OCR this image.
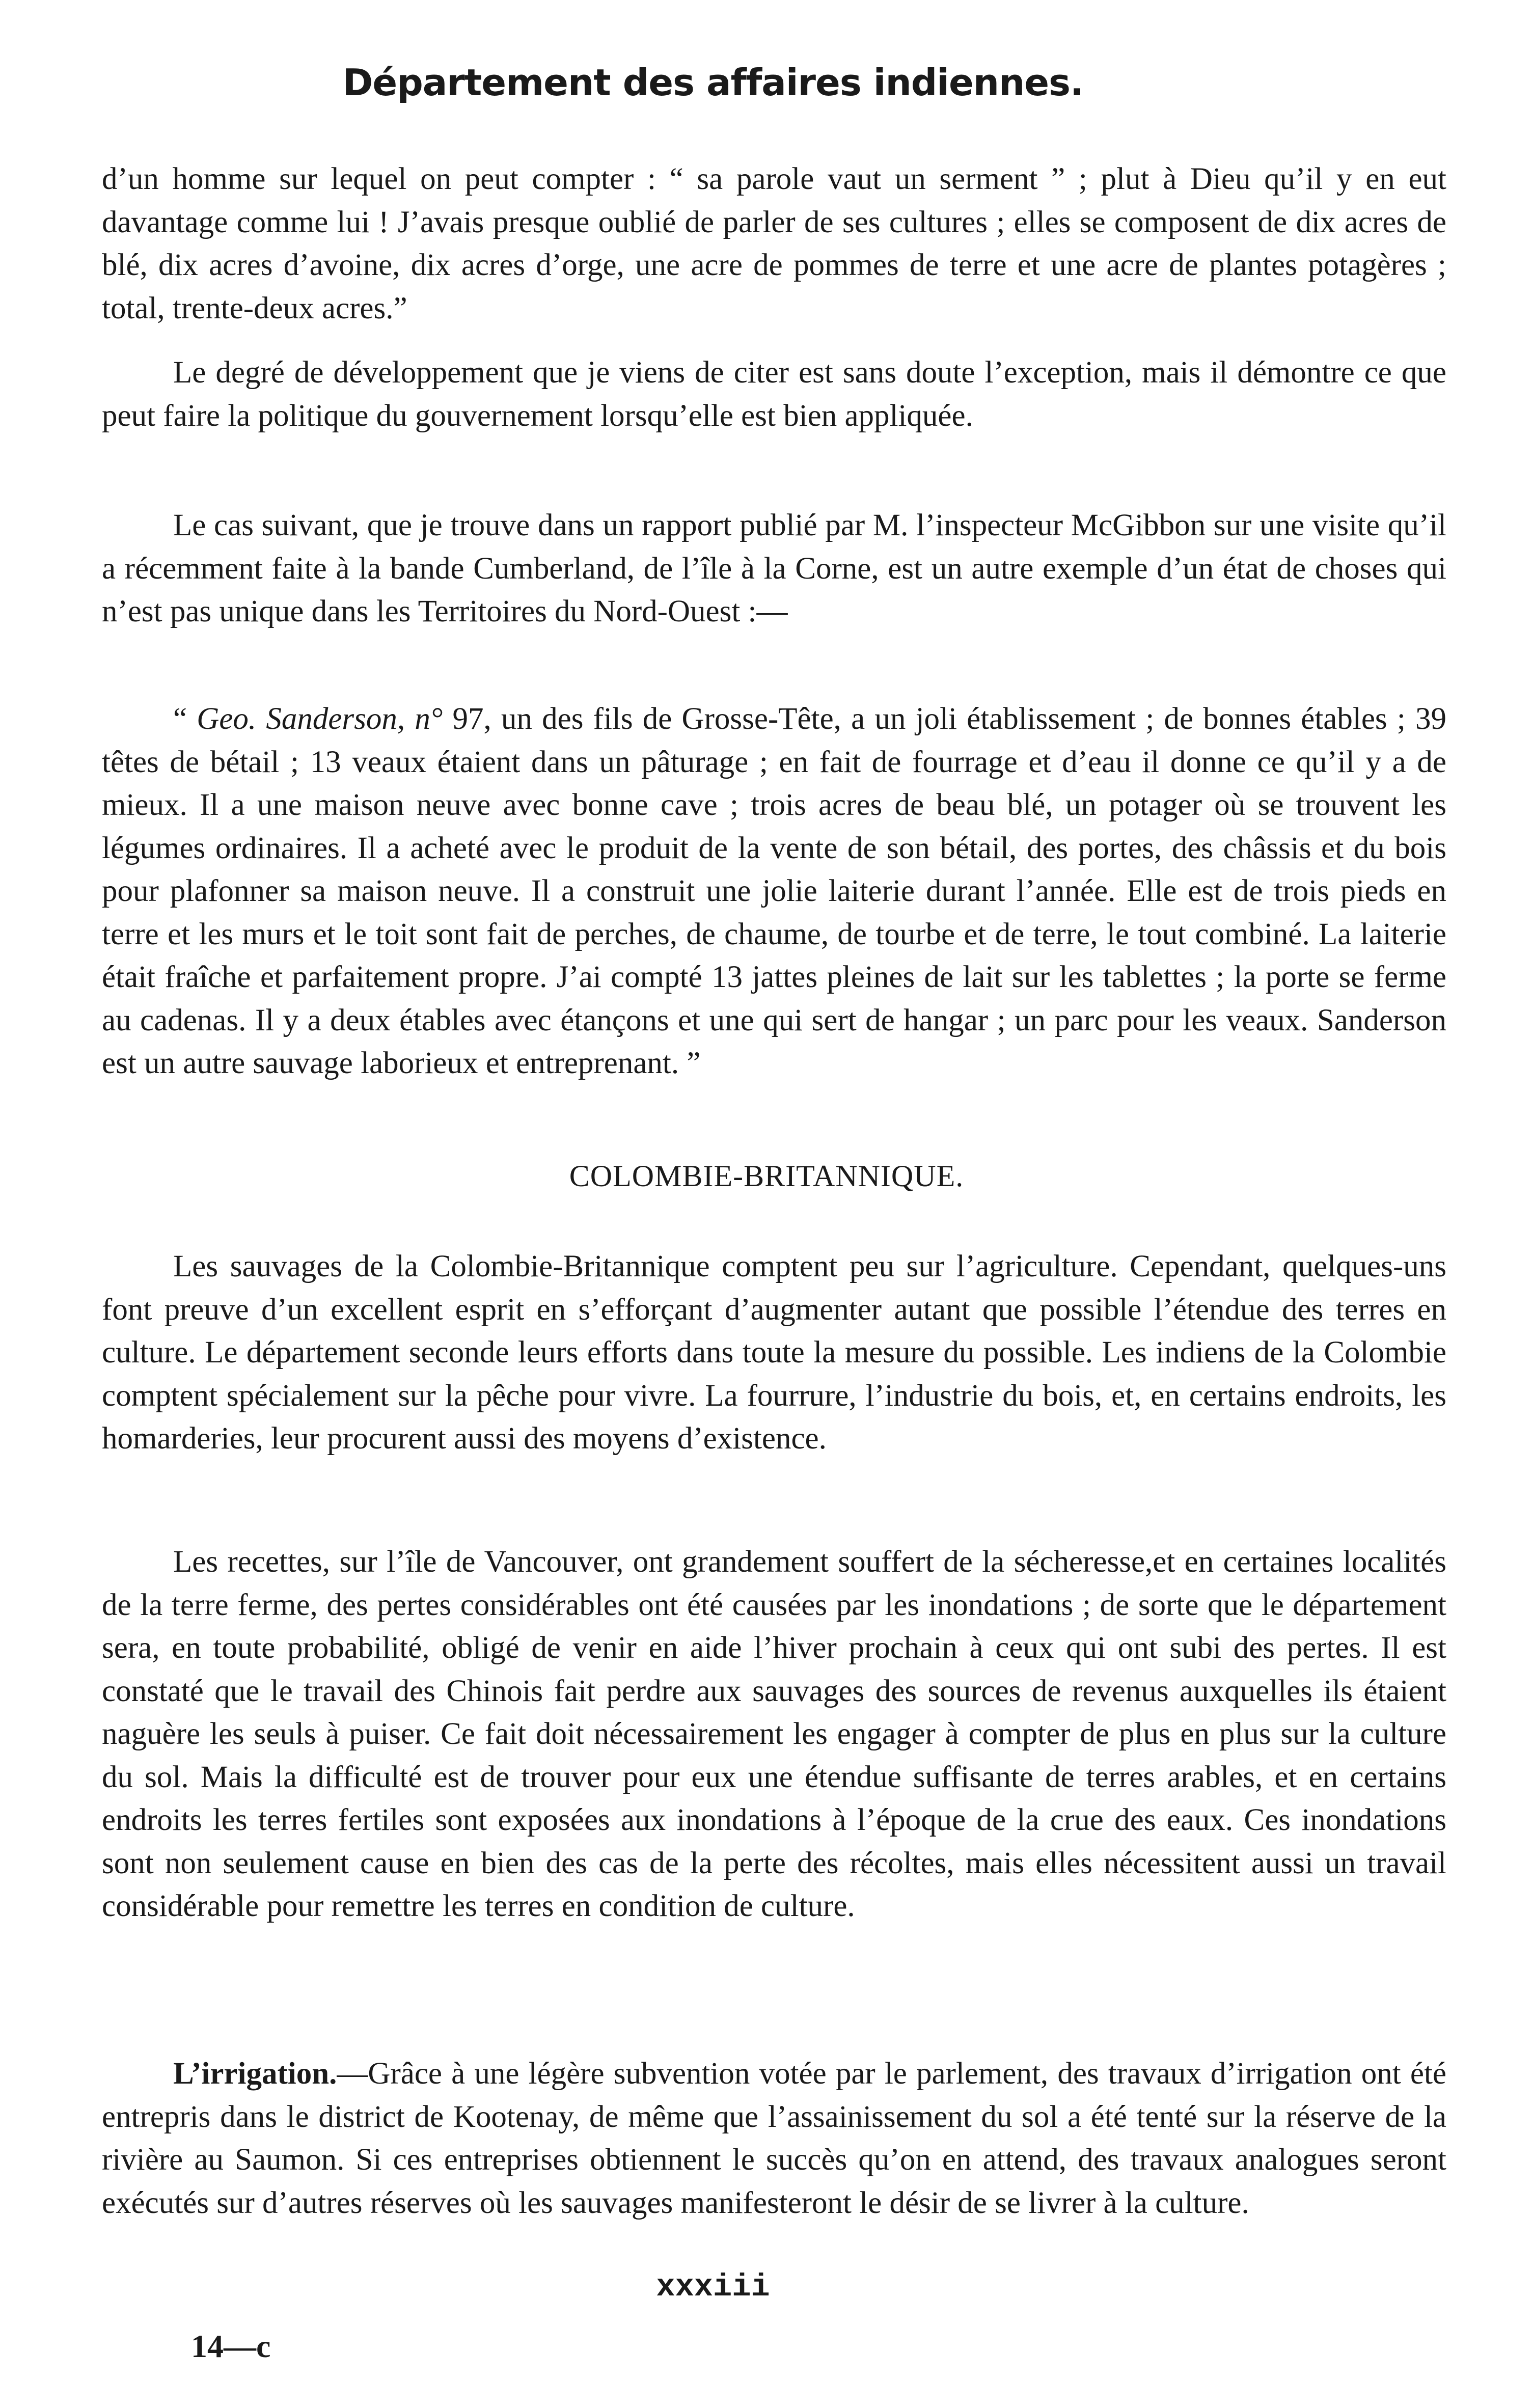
Département des affaires indiennes.

d’un homme sur lequel on peut compter : “ sa parole vaut un serment ” ; plut à Dieu qu’il y en eut davantage comme lui ! J’avais presque oublié de parler de ses cultures ; elles se composent de dix acres de blé, dix acres d’avoine, dix acres d’orge, une acre de pommes de terre et une acre de plantes potagères ; total, trente-deux acres.”

Le degré de développement que je viens de citer est sans doute l’exception, mais il démontre ce que peut faire la politique du gouvernement lorsqu’elle est bien appliquée.

Le cas suivant, que je trouve dans un rapport publié par M. l’inspecteur McGibbon sur une visite qu’il a récemment faite à la bande Cumberland, de l’île à la Corne, est un autre exemple d’un état de choses qui n’est pas unique dans les Territoires du Nord-Ouest :—

“ Geo. Sanderson, n° 97, un des fils de Grosse-Tête, a un joli établissement ; de bonnes étables ; 39 têtes de bétail ; 13 veaux étaient dans un pâturage ; en fait de fourrage et d’eau il donne ce qu’il y a de mieux. Il a une maison neuve avec bonne cave ; trois acres de beau blé, un potager où se trouvent les légumes ordinaires. Il a acheté avec le produit de la vente de son bétail, des portes, des châssis et du bois pour plafonner sa maison neuve. Il a construit une jolie laiterie durant l’année. Elle est de trois pieds en terre et les murs et le toit sont fait de perches, de chaume, de tourbe et de terre, le tout combiné. La laiterie était fraîche et parfaitement propre. J’ai compté 13 jattes pleines de lait sur les tablettes ; la porte se ferme au cadenas. Il y a deux étables avec étançons et une qui sert de hangar ; un parc pour les veaux. Sanderson est un autre sauvage laborieux et entreprenant. ”

COLOMBIE-BRITANNIQUE.

Les sauvages de la Colombie-Britannique comptent peu sur l’agriculture. Cependant, quelques-uns font preuve d’un excellent esprit en s’efforçant d’augmenter autant que possible l’étendue des terres en culture. Le département seconde leurs efforts dans toute la mesure du possible. Les indiens de la Colombie comptent spécialement sur la pêche pour vivre. La fourrure, l’industrie du bois, et, en certains endroits, les homarderies, leur procurent aussi des moyens d’existence.

Les recettes, sur l’île de Vancouver, ont grandement souffert de la sécheresse,et en certaines localités de la terre ferme, des pertes considérables ont été causées par les inondations ; de sorte que le département sera, en toute probabilité, obligé de venir en aide l’hiver prochain à ceux qui ont subi des pertes. Il est constaté que le travail des Chinois fait perdre aux sauvages des sources de revenus auxquelles ils étaient naguère les seuls à puiser. Ce fait doit nécessairement les engager à compter de plus en plus sur la culture du sol. Mais la difficulté est de trouver pour eux une étendue suffisante de terres arables, et en certains endroits les terres fertiles sont exposées aux inondations à l’époque de la crue des eaux. Ces inondations sont non seulement cause en bien des cas de la perte des récoltes, mais elles nécessitent aussi un travail considérable pour remettre les terres en condition de culture.

L’irrigation.—Grâce à une légère subvention votée par le parlement, des travaux d’irrigation ont été entrepris dans le district de Kootenay, de même que l’assainissement du sol a été tenté sur la réserve de la rivière au Saumon. Si ces entreprises obtiennent le succès qu’on en attend, des travaux analogues seront exécutés sur d’autres réserves où les sauvages manifesteront le désir de se livrer à la culture.

xxxiii
14—c
